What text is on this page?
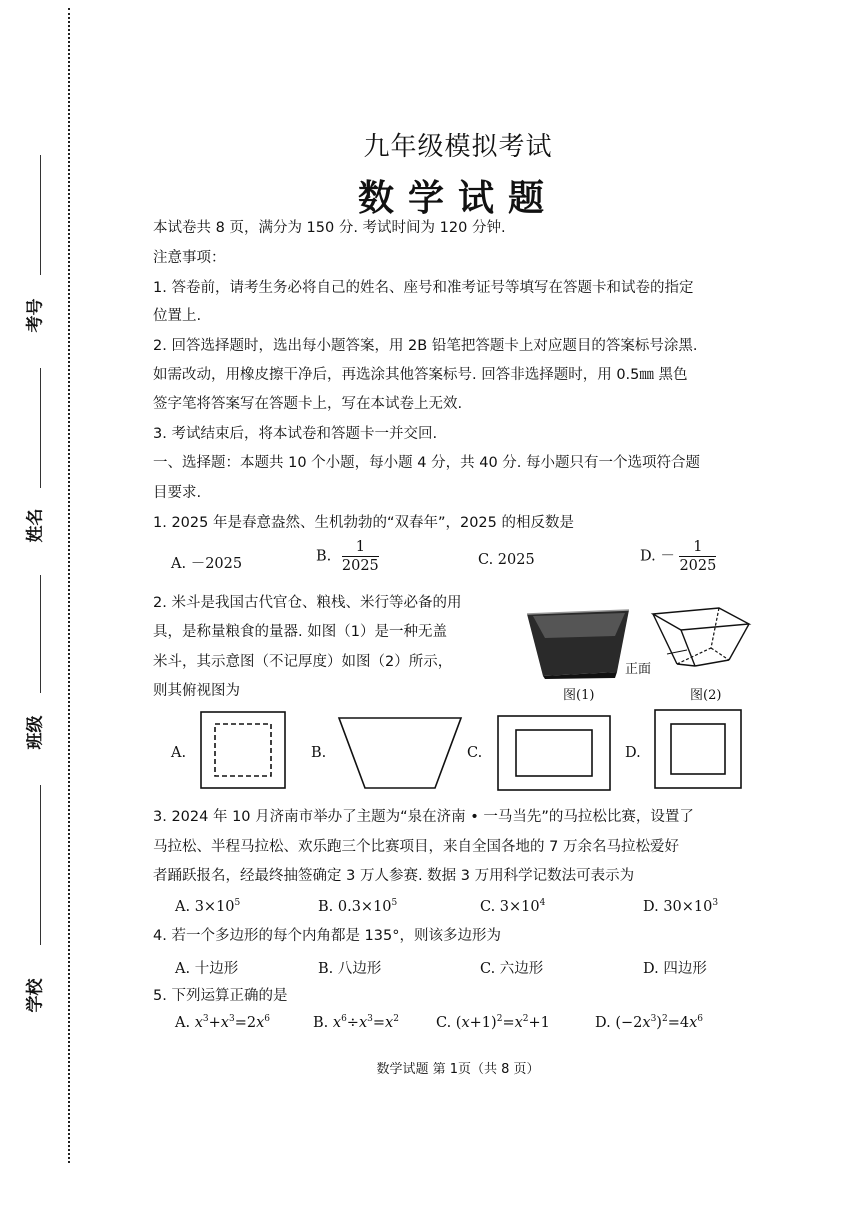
考号
姓名
班级
学校
九年级模拟考试
数学试题
本试卷共 8 页，满分为 150 分. 考试时间为 120 分钟.
注意事项：
1. 答卷前，请考生务必将自己的姓名、座号和准考证号等填写在答题卡和试卷的指定
位置上.
2. 回答选择题时，选出每小题答案，用 2B 铅笔把答题卡上对应题目的答案标号涂黑.
如需改动，用橡皮擦干净后，再选涂其他答案标号. 回答非选择题时，用 0.5㎜ 黑色
签字笔将答案写在答题卡上，写在本试卷上无效.
3. 考试结束后，将本试卷和答题卡一并交回.
一、选择题：本题共 10 个小题，每小题 4 分，共 40 分. 每小题只有一个选项符合题
目要求.
1. 2025 年是春意盎然、生机勃勃的“双春年”，2025 的相反数是
A. －2025	B. $\frac{1}{2025}$	C. 2025	D. － $\frac{1}{2025}$
2. 米斗是我国古代官仓、粮栈、米行等必备的用
具，是称量粮食的量器. 如图（1）是一种无盖
米斗，其示意图（不记厚度）如图（2）所示，
则其俯视图为	图(1)
正面
图(2)
A.	B.	C.	D.
3. 2024 年 10 月济南市举办了主题为“泉在济南 • 一马当先”的马拉松比赛，设置了
马拉松、半程马拉松、欢乐跑三个比赛项目，来自全国各地的 7 万余名马拉松爱好
者踊跃报名，经最终抽签确定 3 万人参赛. 数据 3 万用科学记数法可表示为
A. $3\times 10^5$	B. $0.3\times 10^5$	C. $3\times 10^4$	D. $30\times 10^3$
4. 若一个多边形的每个内角都是 135°，则该多边形为
A. 十边形	B. 八边形	C. 六边形	D. 四边形
5. 下列运算正确的是
A. $x^3+x^3=2x^6$	B. $x^6\div x^3=x^2$	C. $(x+1)^2=x^2+1$	D. $(-2x^3)^2=4x^6$
数学试题 第 1页（共 8 页）
